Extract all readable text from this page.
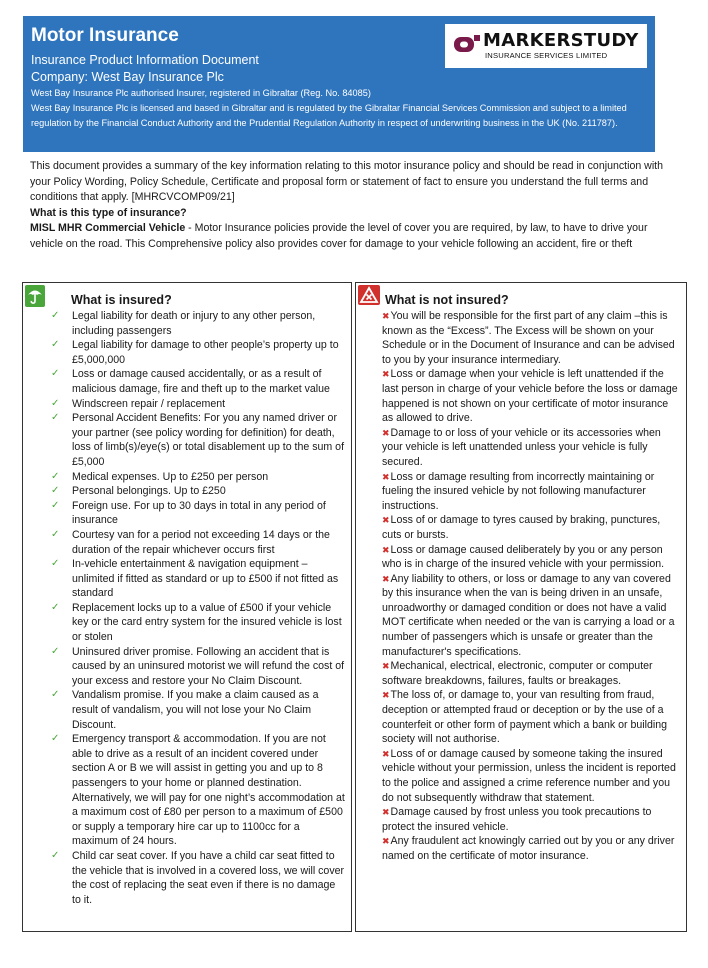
Motor Insurance
Insurance Product Information Document
Company: West Bay Insurance Plc
West Bay Insurance Plc authorised Insurer, registered in Gibraltar (Reg. No. 84085)
West Bay Insurance Plc is licensed and based in Gibraltar and is regulated by the Gibraltar Financial Services Commission and subject to a limited regulation by the Financial Conduct Authority and the Prudential Regulation Authority in respect of underwriting business in the UK (No. 211787).
MARKERSTUDY
INSURANCE SERVICES LIMITED

This document provides a summary of the key information relating to this motor insurance policy and should be read in conjunction with your Policy Wording, Policy Schedule, Certificate and proposal form or statement of fact to ensure you understand the full terms and conditions that apply. [MHRCVCOMP09/21]

What is this type of insurance?

MISL MHR Commercial Vehicle - Motor Insurance policies provide the level of cover you are required, by law, to have to drive your vehicle on the road. This Comprehensive policy also provides cover for damage to your vehicle following an accident, fire or theft

What is insured?
✓ Legal liability for death or injury to any other person, including passengers
✓ Legal liability for damage to other people’s property up to £5,000,000
✓ Loss or damage caused accidentally, or as a result of malicious damage, fire and theft up to the market value
✓ Windscreen repair / replacement
✓ Personal Accident Benefits: For you any named driver or your partner (see policy wording for definition) for death, loss of limb(s)/eye(s) or total disablement up to the sum of £5,000
✓ Medical expenses. Up to £250 per person
✓ Personal belongings. Up to £250
✓ Foreign use. For up to 30 days in total in any period of insurance
✓ Courtesy van for a period not exceeding 14 days or the duration of the repair whichever occurs first
✓ In-vehicle entertainment & navigation equipment – unlimited if fitted as standard or up to £500 if not fitted as standard
✓ Replacement locks up to a value of £500 if your vehicle key or the card entry system for the insured vehicle is lost or stolen
✓ Uninsured driver promise. Following an accident that is caused by an uninsured motorist we will refund the cost of your excess and restore your No Claim Discount.
✓ Vandalism promise. If you make a claim caused as a result of vandalism, you will not lose your No Claim Discount.
✓ Emergency transport & accommodation. If you are not able to drive as a result of an incident covered under section A or B we will assist in getting you and up to 8 passengers to your home or planned destination. Alternatively, we will pay for one night’s accommodation at a maximum cost of £80 per person to a maximum of £500 or supply a temporary hire car up to 1100cc for a maximum of 24 hours.
✓ Child car seat cover. If you have a child car seat fitted to the vehicle that is involved in a covered loss, we will cover the cost of replacing the seat even if there is no damage to it.
What is not insured?
✖You will be responsible for the first part of any claim –this is known as the “Excess”. The Excess will be shown on your Schedule or in the Document of Insurance and can be advised to you by your insurance intermediary.
✖Loss or damage when your vehicle is left unattended if the last person in charge of your vehicle before the loss or damage happened is not shown on your certificate of motor insurance as allowed to drive.
✖Damage to or loss of your vehicle or its accessories when your vehicle is left unattended unless your vehicle is fully secured.
✖Loss or damage resulting from incorrectly maintaining or fueling the insured vehicle by not following manufacturer instructions.
✖Loss of or damage to tyres caused by braking, punctures, cuts or bursts.
✖Loss or damage caused deliberately by you or any person who is in charge of the insured vehicle with your permission.
✖Any liability to others, or loss or damage to any van covered by this insurance when the van is being driven in an unsafe, unroadworthy or damaged condition or does not have a valid MOT certificate when needed or the van is carrying a load or a number of passengers which is unsafe or greater than the manufacturer's specifications.
✖Mechanical, electrical, electronic, computer or computer software breakdowns, failures, faults or breakages.
✖The loss of, or damage to, your van resulting from fraud, deception or attempted fraud or deception or by the use of a counterfeit or other form of payment which a bank or building society will not authorise.
✖Loss of or damage caused by someone taking the insured vehicle without your permission, unless the incident is reported to the police and assigned a crime reference number and you do not subsequently withdraw that statement.
✖Damage caused by frost unless you took precautions to protect the insured vehicle.
✖Any fraudulent act knowingly carried out by you or any driver named on the certificate of motor insurance.
